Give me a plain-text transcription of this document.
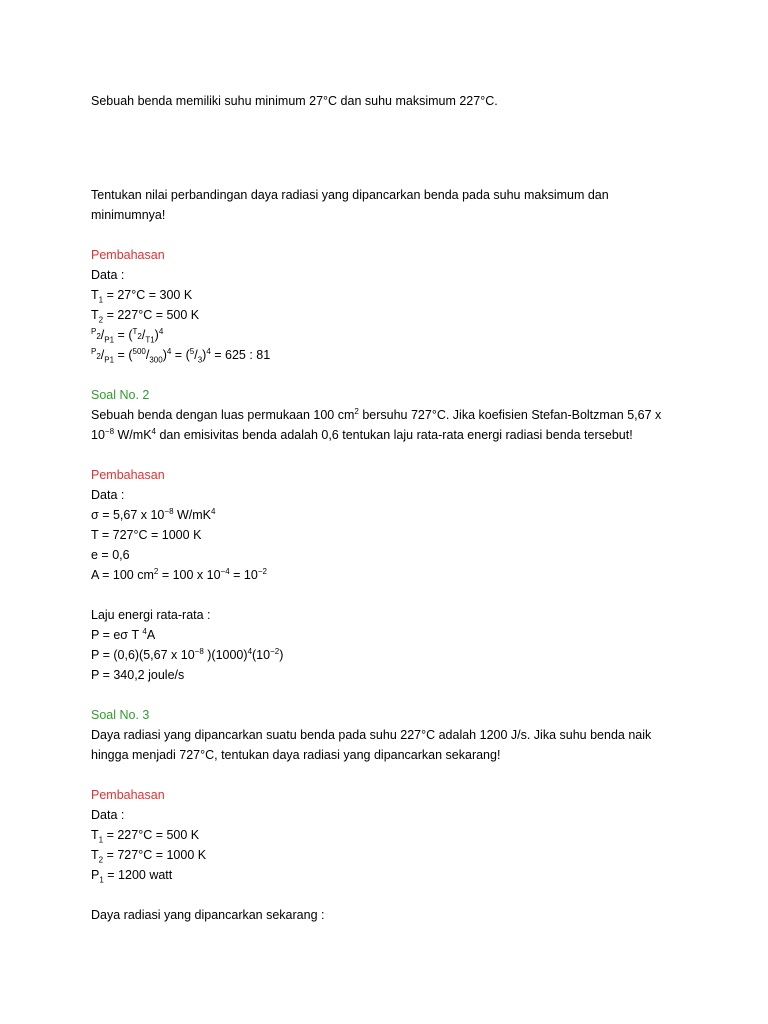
Sebuah benda memiliki suhu minimum 27°C dan suhu maksimum 227°C.
Tentukan nilai perbandingan daya radiasi yang dipancarkan benda pada suhu maksimum dan
minimumnya!
Pembahasan
Data :
$T_1 = 27^\circ C = 300$ K
$T_2 = 227^\circ C = 500$ K
$^P2/_{P1} = (^T2/_{T1})^4$
$^P2/_{P1} = (^{500}/_{300})^4 = (^5/_3)^4 = 625$ : 81
Soal No. 2
Sebuah benda dengan luas permukaan 100 $cm^2$ bersuhu 727°C. Jika koefisien Stefan-Boltzman 5,67 x
$10^{-8}$ $W/mK^4$ dan emisivitas benda adalah 0,6 tentukan laju rata-rata energi radiasi benda tersebut!
Pembahasan
Data :
σ = 5,67 x $10^{-8}$ $W/mK^4$
T = 727°C = 1000 K
e = 0,6
A = 100 $cm^2 = 100$ x $10^{-4} = 10^{-2}$
Laju energi rata-rata :
P = eσ T $^4$A
P = (0,6)(5,67 x $10^{-8}$ )$(1000)^4(10^{-2})$
P = 340,2 joule/s
Soal No. 3
Daya radiasi yang dipancarkan suatu benda pada suhu 227°C adalah 1200 J/s. Jika suhu benda naik
hingga menjadi 727°C, tentukan daya radiasi yang dipancarkan sekarang!
Pembahasan
Data :
$T_1 = 227^\circ C = 500$ K
$T_2 = 727^\circ C = 1000$ K
$P_1 = 1200$ watt
Daya radiasi yang dipancarkan sekarang :
